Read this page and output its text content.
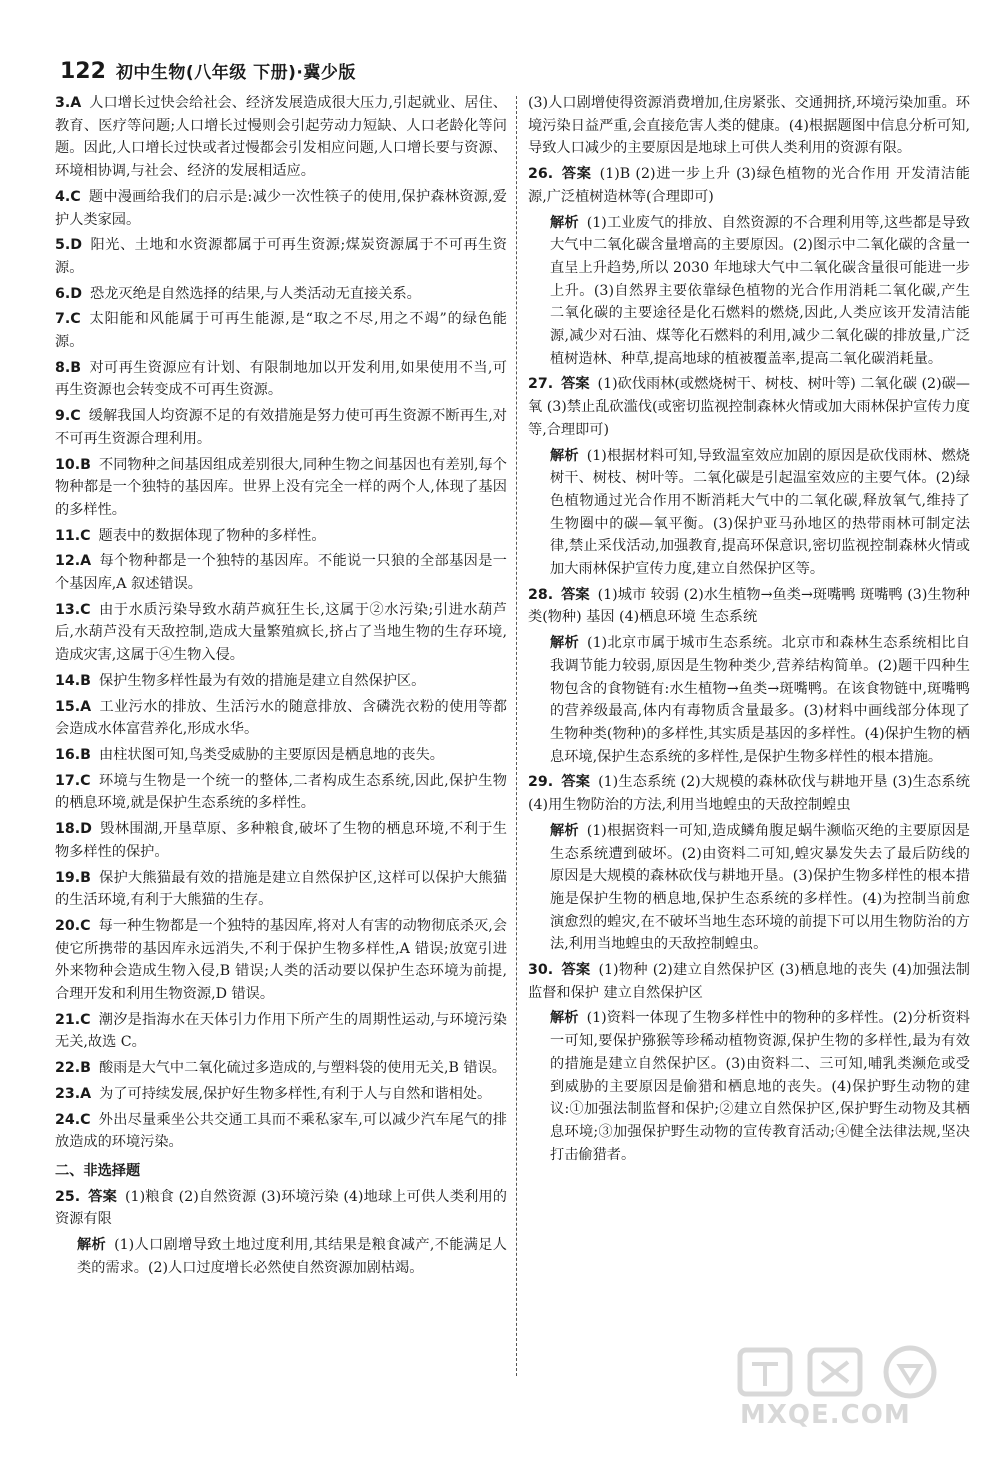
122 初中生物(八年级 下册)·冀少版
3.A 人口增长过快会给社会、经济发展造成很大压力,引起就业、居住、教育、医疗等问题;人口增长过慢则会引起劳动力短缺、人口老龄化等问题。因此,人口增长过快或者过慢都会引发相应问题,人口增长要与资源、环境相协调,与社会、经济的发展相适应。
4.C 题中漫画给我们的启示是:减少一次性筷子的使用,保护森林资源,爱护人类家园。
5.D 阳光、土地和水资源都属于可再生资源;煤炭资源属于不可再生资源。
6.D 恐龙灭绝是自然选择的结果,与人类活动无直接关系。
7.C 太阳能和风能属于可再生能源,是“取之不尽,用之不竭”的绿色能源。
8.B 对可再生资源应有计划、有限制地加以开发利用,如果使用不当,可再生资源也会转变成不可再生资源。
9.C 缓解我国人均资源不足的有效措施是努力使可再生资源不断再生,对不可再生资源合理利用。
10.B 不同物种之间基因组成差别很大,同种生物之间基因也有差别,每个物种都是一个独特的基因库。世界上没有完全一样的两个人,体现了基因的多样性。
11.C 题表中的数据体现了物种的多样性。
12.A 每个物种都是一个独特的基因库。不能说一只狼的全部基因是一个基因库,A 叙述错误。
13.C 由于水质污染导致水葫芦疯狂生长,这属于②水污染;引进水葫芦后,水葫芦没有天敌控制,造成大量繁殖疯长,挤占了当地生物的生存环境,造成灾害,这属于④生物入侵。
14.B 保护生物多样性最为有效的措施是建立自然保护区。
15.A 工业污水的排放、生活污水的随意排放、含磷洗衣粉的使用等都会造成水体富营养化,形成水华。
16.B 由柱状图可知,鸟类受威胁的主要原因是栖息地的丧失。
17.C 环境与生物是一个统一的整体,二者构成生态系统,因此,保护生物的栖息环境,就是保护生态系统的多样性。
18.D 毁林围湖,开垦草原、多种粮食,破坏了生物的栖息环境,不利于生物多样性的保护。
19.B 保护大熊猫最有效的措施是建立自然保护区,这样可以保护大熊猫的生活环境,有利于大熊猫的生存。
20.C 每一种生物都是一个独特的基因库,将对人有害的动物彻底杀灭,会使它所携带的基因库永远消失,不利于保护生物多样性,A 错误;放宽引进外来物种会造成生物入侵,B 错误;人类的活动要以保护生态环境为前提,合理开发和利用生物资源,D 错误。
21.C 潮汐是指海水在天体引力作用下所产生的周期性运动,与环境污染无关,故选 C。
22.B 酸雨是大气中二氧化硫过多造成的,与塑料袋的使用无关,B 错误。
23.A 为了可持续发展,保护好生物多样性,有利于人与自然和谐相处。
24.C 外出尽量乘坐公共交通工具而不乘私家车,可以减少汽车尾气的排放造成的环境污染。
二、非选择题
25. 答案 (1)粮食 (2)自然资源 (3)环境污染 (4)地球上可供人类利用的资源有限
解析 (1)人口剧增导致土地过度利用,其结果是粮食减产,不能满足人类的需求。(2)人口过度增长必然使自然资源加剧枯竭。
(3)人口剧增使得资源消费增加,住房紧张、交通拥挤,环境污染加重。环境污染日益严重,会直接危害人类的健康。(4)根据题图中信息分析可知,导致人口减少的主要原因是地球上可供人类利用的资源有限。
26. 答案 (1)B (2)进一步上升 (3)绿色植物的光合作用 开发清洁能源,广泛植树造林等(合理即可)
解析 (1)工业废气的排放、自然资源的不合理利用等,这些都是导致大气中二氧化碳含量增高的主要原因。(2)图示中二氧化碳的含量一直呈上升趋势,所以 2030 年地球大气中二氧化碳含量很可能进一步上升。(3)自然界主要依靠绿色植物的光合作用消耗二氧化碳,产生二氧化碳的主要途径是化石燃料的燃烧,因此,人类应该开发清洁能源,减少对石油、煤等化石燃料的利用,减少二氧化碳的排放量,广泛植树造林、种草,提高地球的植被覆盖率,提高二氧化碳消耗量。
27. 答案 (1)砍伐雨林(或燃烧树干、树枝、树叶等) 二氧化碳 (2)碳—氧 (3)禁止乱砍滥伐(或密切监视控制森林火情或加大雨林保护宣传力度等,合理即可)
解析 (1)根据材料可知,导致温室效应加剧的原因是砍伐雨林、燃烧树干、树枝、树叶等。二氧化碳是引起温室效应的主要气体。(2)绿色植物通过光合作用不断消耗大气中的二氧化碳,释放氧气,维持了生物圈中的碳—氧平衡。(3)保护亚马孙地区的热带雨林可制定法律,禁止采伐活动,加强教育,提高环保意识,密切监视控制森林火情或加大雨林保护宣传力度,建立自然保护区等。
28. 答案 (1)城市 较弱 (2)水生植物→鱼类→斑嘴鸭 斑嘴鸭 (3)生物种类(物种) 基因 (4)栖息环境 生态系统
解析 (1)北京市属于城市生态系统。北京市和森林生态系统相比自我调节能力较弱,原因是生物种类少,营养结构简单。(2)题干四种生物包含的食物链有:水生植物→鱼类→斑嘴鸭。在该食物链中,斑嘴鸭的营养级最高,体内有毒物质含量最多。(3)材料中画线部分体现了生物种类(物种)的多样性,其实质是基因的多样性。(4)保护生物的栖息环境,保护生态系统的多样性,是保护生物多样性的根本措施。
29. 答案 (1)生态系统 (2)大规模的森林砍伐与耕地开垦 (3)生态系统 (4)用生物防治的方法,利用当地蝗虫的天敌控制蝗虫
解析 (1)根据资料一可知,造成鳞角腹足蜗牛濒临灭绝的主要原因是生态系统遭到破坏。(2)由资料二可知,蝗灾暴发失去了最后防线的原因是大规模的森林砍伐与耕地开垦。(3)保护生物多样性的根本措施是保护生物的栖息地,保护生态系统的多样性。(4)为控制当前愈演愈烈的蝗灾,在不破坏当地生态环境的前提下可以用生物防治的方法,利用当地蝗虫的天敌控制蝗虫。
30. 答案 (1)物种 (2)建立自然保护区 (3)栖息地的丧失 (4)加强法制监督和保护 建立自然保护区
解析 (1)资料一体现了生物多样性中的物种的多样性。(2)分析资料一可知,要保护猕猴等珍稀动植物资源,保护生物的多样性,最为有效的措施是建立自然保护区。(3)由资料二、三可知,哺乳类濒危或受到威胁的主要原因是偷猎和栖息地的丧失。(4)保护野生动物的建议:①加强法制监督和保护;②建立自然保护区,保护野生动物及其栖息环境;③加强保护野生动物的宣传教育活动;④健全法律法规,坚决打击偷猎者。
MXQE.COM
